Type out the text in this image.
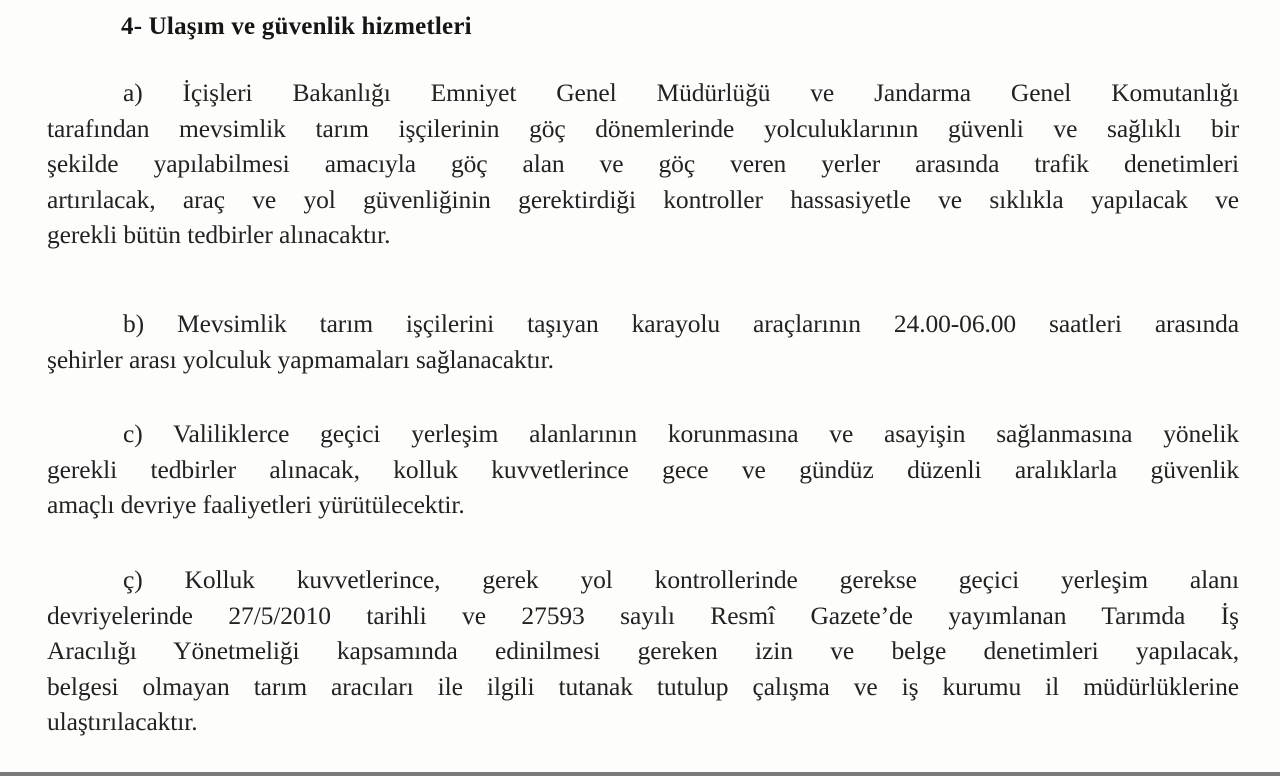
4- Ulaşım ve güvenlik hizmetleri
a) İçişleri Bakanlığı Emniyet Genel Müdürlüğü ve Jandarma Genel Komutanlığı
tarafından mevsimlik tarım işçilerinin göç dönemlerinde yolculuklarının güvenli ve sağlıklı bir
şekilde yapılabilmesi amacıyla göç alan ve göç veren yerler arasında trafik denetimleri
artırılacak, araç ve yol güvenliğinin gerektirdiği kontroller hassasiyetle ve sıklıkla yapılacak ve
gerekli bütün tedbirler alınacaktır.
b) Mevsimlik tarım işçilerini taşıyan karayolu araçlarının 24.00-06.00 saatleri arasında
şehirler arası yolculuk yapmamaları sağlanacaktır.
c) Valiliklerce geçici yerleşim alanlarının korunmasına ve asayişin sağlanmasına yönelik
gerekli tedbirler alınacak, kolluk kuvvetlerince gece ve gündüz düzenli aralıklarla güvenlik
amaçlı devriye faaliyetleri yürütülecektir.
ç) Kolluk kuvvetlerince, gerek yol kontrollerinde gerekse geçici yerleşim alanı
devriyelerinde 27/5/2010 tarihli ve 27593 sayılı Resmî Gazete’de yayımlanan Tarımda İş
Aracılığı Yönetmeliği kapsamında edinilmesi gereken izin ve belge denetimleri yapılacak,
belgesi olmayan tarım aracıları ile ilgili tutanak tutulup çalışma ve iş kurumu il müdürlüklerine
ulaştırılacaktır.
